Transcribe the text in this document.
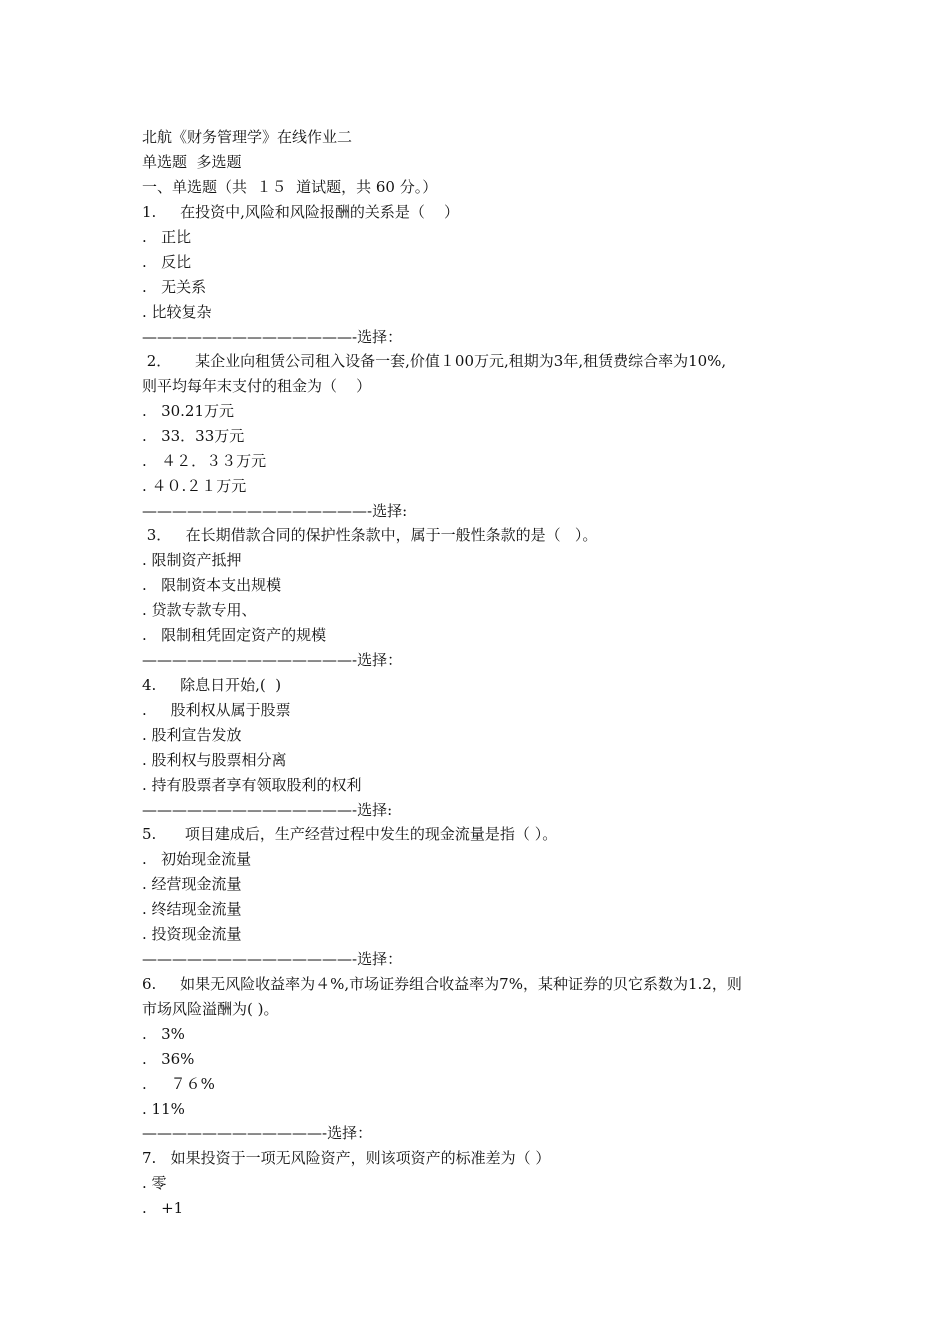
北航《财务管理学》在线作业二
单选题  多选题
一、单选题（共  １５  道试题，共 60 分。）
1.     在投资中,风险和风险报酬的关系是（    ）
.   正比
.   反比
.   无关系
. 比较复杂
——————————————-选择：
2．     某企业向租赁公司租入设备一套,价值１00万元,租期为3年,租赁费综合率为10%,
则平均每年末支付的租金为（    ）
.   30.21万元
.   33．33万元
.   ４２．３３万元
. ４０.２１万元
———————————————-选择:
3．   在长期借款合同的保护性条款中，属于一般性条款的是（   ）。
. 限制资产抵押
.   限制资本支出规模
. 贷款专款专用、
.   限制租凭固定资产的规模
——————————————-选择：
4.     除息日开始,(  )
.     股利权从属于股票
. 股利宣告发放
. 股利权与股票相分离
. 持有股票者享有领取股利的权利
——————————————-选择:
5.      项目建成后，生产经营过程中发生的现金流量是指（ ）。
.   初始现金流量
. 经营现金流量
. 终结现金流量
. 投资现金流量
——————————————-选择：
6.     如果无风险收益率为４%,市场证券组合收益率为7%，某种证券的贝它系数为1.2，则
市场风险溢酬为( )。
.   3%
.   36%
.     ７６%
. 11%
————————————-选择：
7.   如果投资于一项无风险资产，则该项资产的标准差为（ ）
. 零
.   +1
